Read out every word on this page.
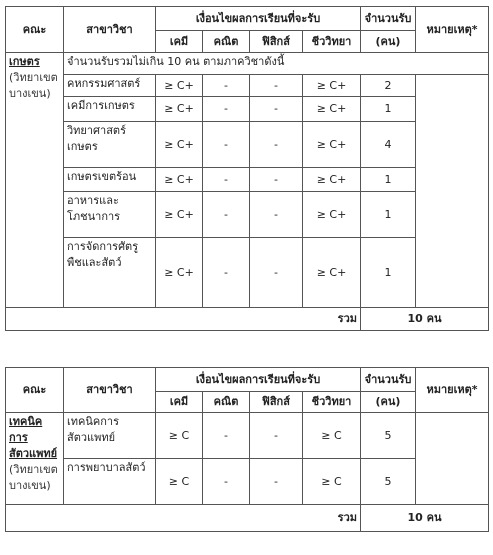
คณะ	สาขาวิชา	เงื่อนไขผลการเรียนที่จะรับ				จำนวนรับ	หมายเหตุ*
		เคมี	คณิต	ฟิสิกส์	ชีววิทยา	(คน)	

เกษตร
(วิทยาเขตบางเขน)	จำนวนรับรวมไม่เกิน 10 คน ตามภาควิชาดังนี้						
	คหกรรมศาสตร์	≥ C+	-	-	≥ C+	2	
	เคมีการเกษตร	≥ C+	-	-	≥ C+	1	
	วิทยาศาสตร์เกษตร	≥ C+	-	-	≥ C+	4	
	เกษตรเขตร้อน	≥ C+	-	-	≥ C+	1	
	อาหารและโภชนาการ	≥ C+	-	-	≥ C+	1	
	การจัดการศัตรูพืชและสัตว์	≥ C+	-	-	≥ C+	1	
รวม						10 คน	
คณะ	สาขาวิชา	เงื่อนไขผลการเรียนที่จะรับ				จำนวนรับ	หมายเหตุ*
		เคมี	คณิต	ฟิสิกส์	ชีววิทยา	(คน)	

เทคนิคการสัตวแพทย์
(วิทยาเขตบางเขน)	เทคนิคการสัตวแพทย์	≥ C	-	-	≥ C	5	
	การพยาบาลสัตว์	≥ C	-	-	≥ C	5	
รวม						10 คน	
